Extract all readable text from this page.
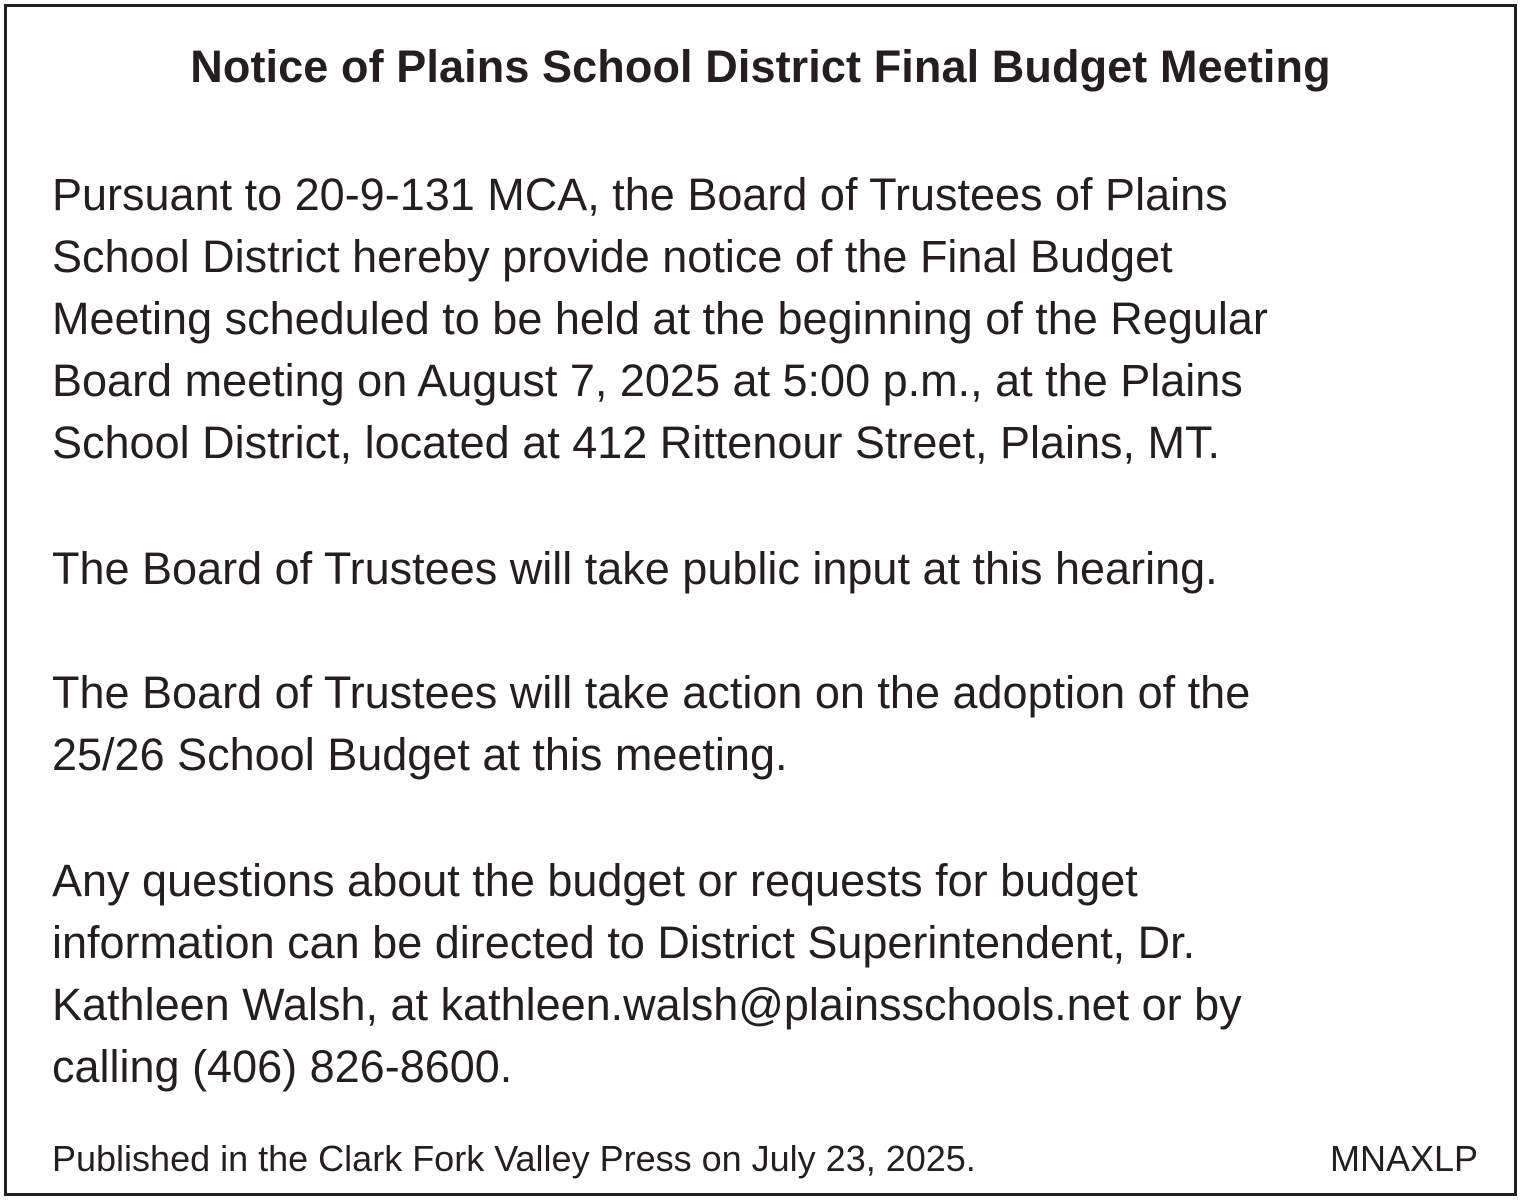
Notice of Plains School District Final Budget Meeting

Pursuant to 20-9-131 MCA, the Board of Trustees of Plains
School District hereby provide notice of the Final Budget
Meeting scheduled to be held at the beginning of the Regular
Board meeting on August 7, 2025 at 5:00 p.m., at the Plains
School District, located at 412 Rittenour Street, Plains, MT.

The Board of Trustees will take public input at this hearing.

The Board of Trustees will take action on the adoption of the
25/26 School Budget at this meeting.

Any questions about the budget or requests for budget
information can be directed to District Superintendent, Dr.
Kathleen Walsh, at kathleen.walsh@plainsschools.net or by
calling (406) 826-8600.

Published in the Clark Fork Valley Press on July 23, 2025.	MNAXLP
